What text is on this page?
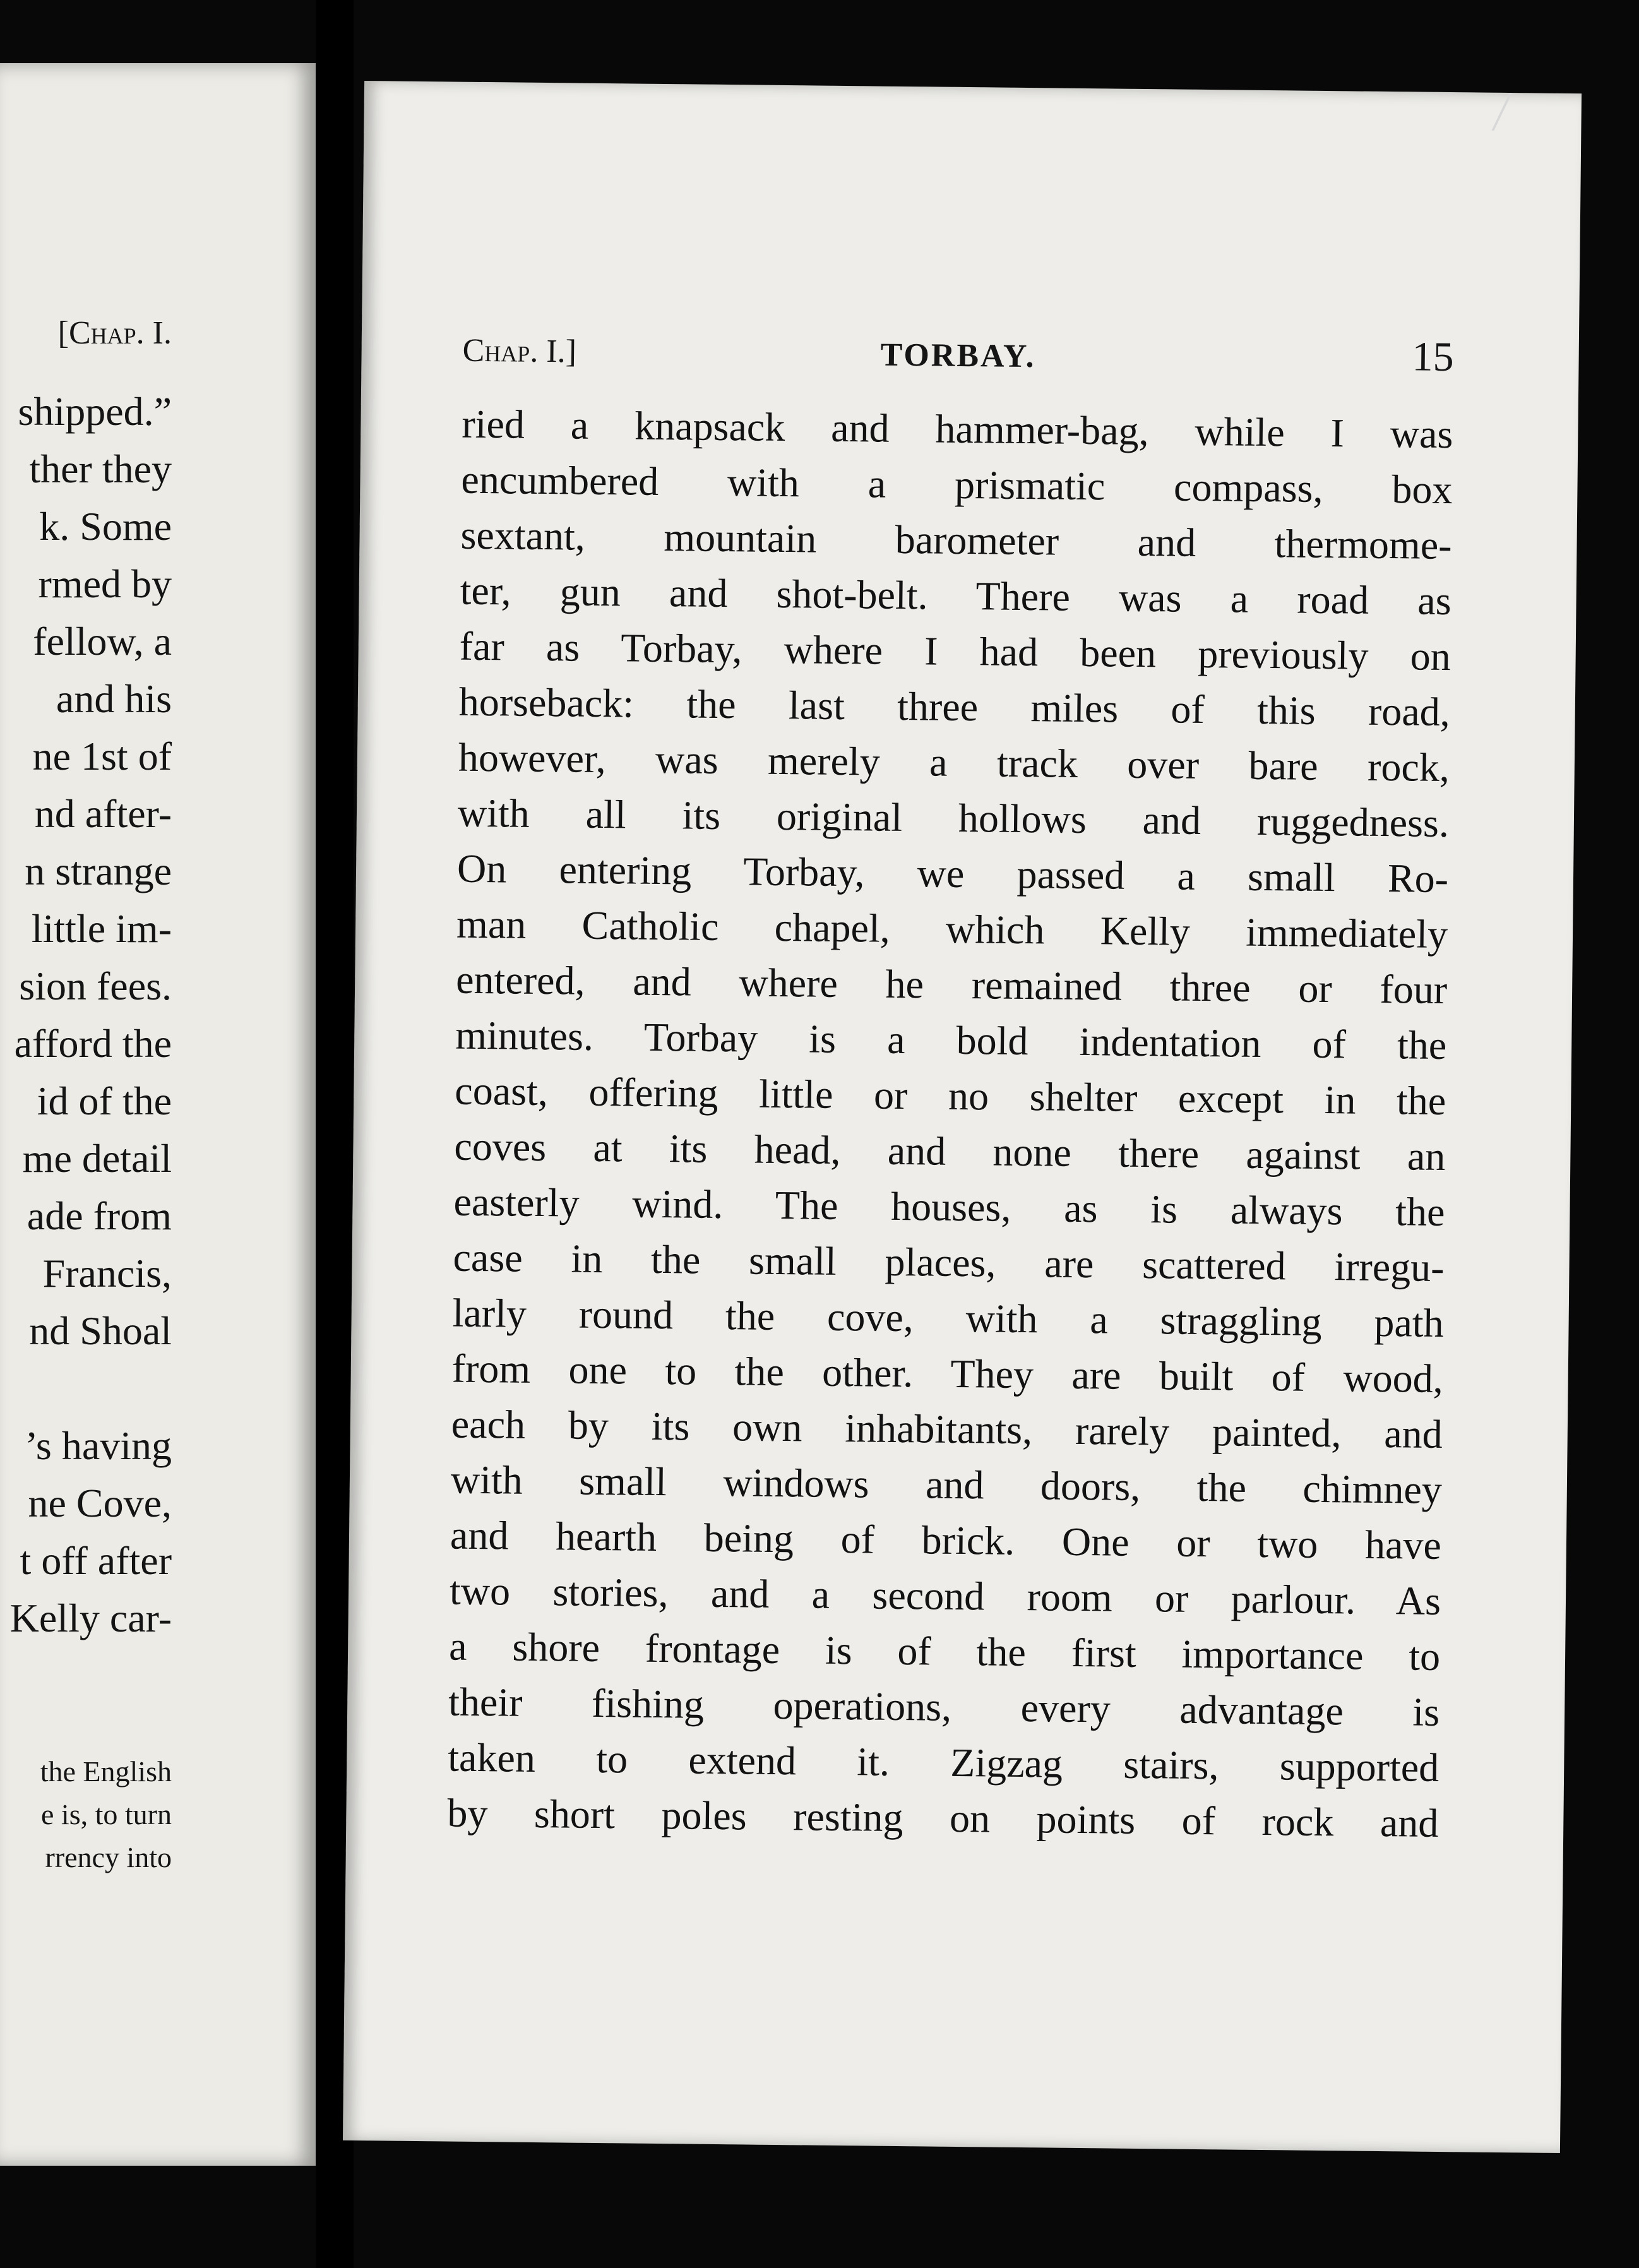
[Chap. I.

shipped.”
ther they
k. Some
rmed by
fellow, a
and his
ne 1st of
nd after-
n strange
little im-
sion fees.
afford the
id of the
me detail
ade from
Francis,
nd Shoal
’s having
ne Cove,
t off after
Kelly car-
the English
e is, to turn
rrency into
Chap. I.]	TORBAY.	15
ried a knapsack and hammer-bag, while I was
encumbered with a prismatic compass, box
sextant, mountain barometer and thermome-
ter, gun and shot-belt. There was a road as
far as Torbay, where I had been previously on
horseback: the last three miles of this road,
however, was merely a track over bare rock,
with all its original hollows and ruggedness.
On entering Torbay, we passed a small Ro-
man Catholic chapel, which Kelly immediately
entered, and where he remained three or four
minutes. Torbay is a bold indentation of the
coast, offering little or no shelter except in the
coves at its head, and none there against an
easterly wind. The houses, as is always the
case in the small places, are scattered irregu-
larly round the cove, with a straggling path
from one to the other. They are built of wood,
each by its own inhabitants, rarely painted, and
with small windows and doors, the chimney
and hearth being of brick. One or two have
two stories, and a second room or parlour. As
a shore frontage is of the first importance to
their fishing operations, every advantage is
taken to extend it. Zigzag stairs, supported
by short poles resting on points of rock and
